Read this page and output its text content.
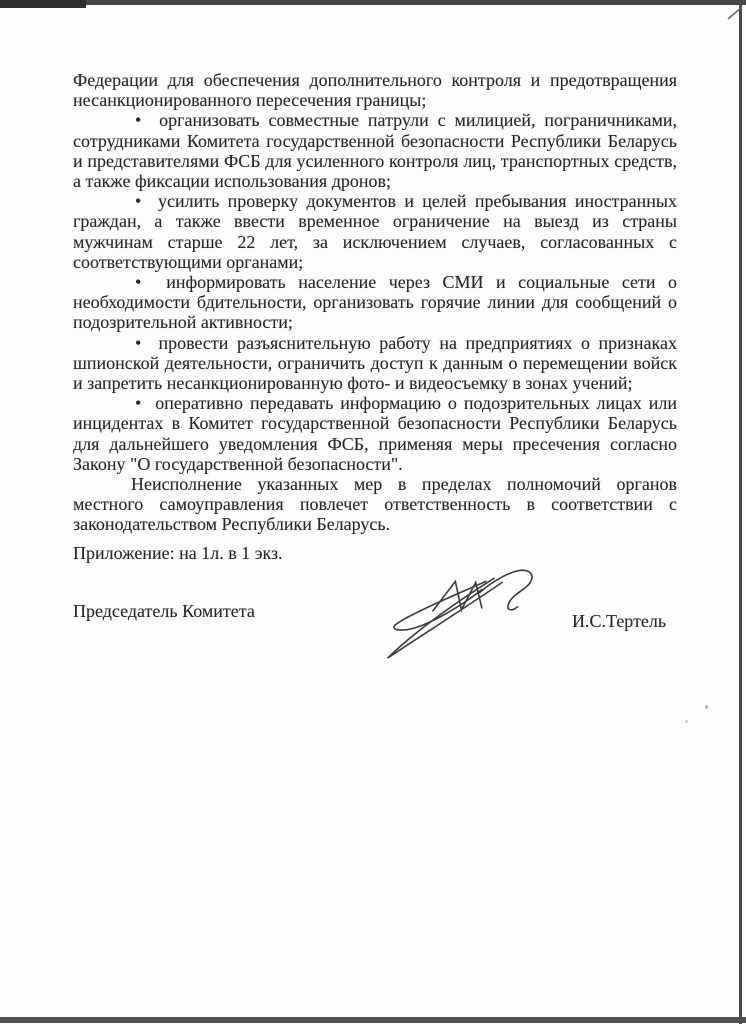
Федерации для обеспечения дополнительного контроля и предотвращения несанкционированного пересечения границы;

•  организовать совместные патрули с милицией, пограничниками, сотрудниками Комитета государственной безопасности Республики Беларусь и представителями ФСБ для усиленного контроля лиц, транспортных средств, а также фиксации использования дронов;

•  усилить проверку документов и целей пребывания иностранных граждан, а также ввести временное ограничение на выезд из страны мужчинам старше 22 лет, за исключением случаев, согласованных с соответствующими органами;

•  информировать население через СМИ и социальные сети о необходимости бдительности, организовать горячие линии для сообщений о подозрительной активности;

•  провести разъяснительную работу на предприятиях о признаках шпионской деятельности, ограничить доступ к данным о перемещении войск и запретить несанкционированную фото- и видеосъемку в зонах учений;

•  оперативно передавать информацию о подозрительных лицах или инцидентах в Комитет государственной безопасности Республики Беларусь для дальнейшего уведомления ФСБ, применяя меры пресечения согласно Закону "О государственной безопасности".

Неисполнение указанных мер в пределах полномочий органов местного самоуправления повлечет ответственность в соответствии с законодательством Республики Беларусь.

Приложение: на 1л. в 1 экз.

Председатель Комитета	И.С.Тертель
